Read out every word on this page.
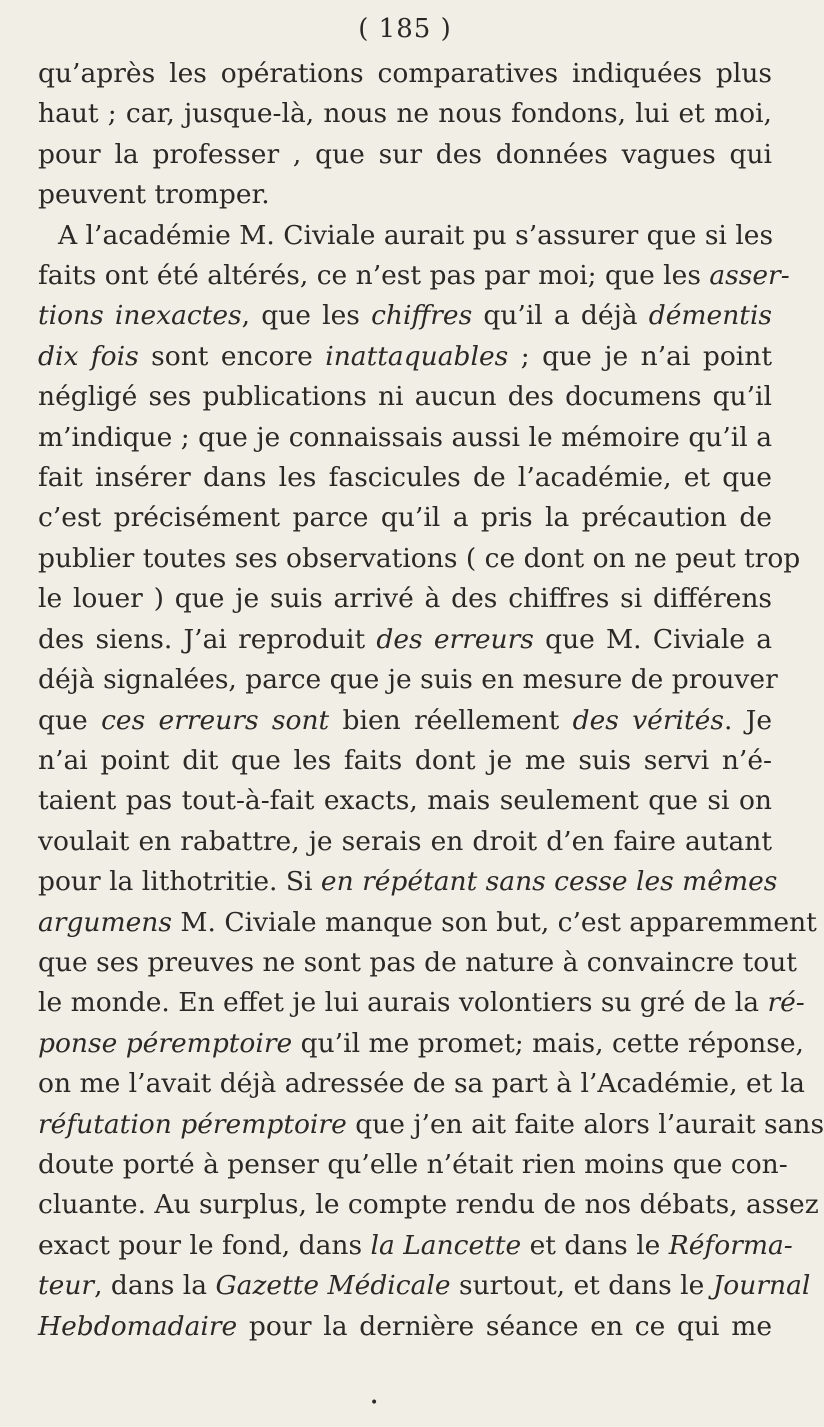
( 185 )

qu’après les opérations comparatives indiquées plus

haut ; car, jusque-là, nous ne nous fondons, lui et moi,

pour la professer , que sur des données vagues qui

peuvent tromper.

A l’académie M. Civiale aurait pu s’assurer que si les

faits ont été altérés, ce n’est pas par moi; que les asser-

tions inexactes, que les chiffres qu’il a déjà démentis

dix fois sont encore inattaquables ; que je n’ai point

négligé ses publications ni aucun des documens qu’il

m’indique ; que je connaissais aussi le mémoire qu’il a

fait insérer dans les fascicules de l’académie, et que

c’est précisément parce qu’il a pris la précaution de

publier toutes ses observations ( ce dont on ne peut trop

le louer ) que je suis arrivé à des chiffres si différens

des siens. J’ai reproduit des erreurs que M. Civiale a

déjà signalées, parce que je suis en mesure de prouver

que ces erreurs sont bien réellement des vérités. Je

n’ai point dit que les faits dont je me suis servi n’é-

taient pas tout-à-fait exacts, mais seulement que si on

voulait en rabattre, je serais en droit d’en faire autant

pour la lithotritie. Si en répétant sans cesse les mêmes

argumens M. Civiale manque son but, c’est apparemment

que ses preuves ne sont pas de nature à convaincre tout

le monde. En effet je lui aurais volontiers su gré de la ré-

ponse péremptoire qu’il me promet; mais, cette réponse,

on me l’avait déjà adressée de sa part à l’Académie, et la

réfutation péremptoire que j’en ait faite alors l’aurait sans

doute porté à penser qu’elle n’était rien moins que con-

cluante. Au surplus, le compte rendu de nos débats, assez

exact pour le fond, dans la Lancette et dans le Réforma-

teur, dans la Gazette Médicale surtout, et dans le Journal

Hebdomadaire pour la dernière séance en ce qui me

•
